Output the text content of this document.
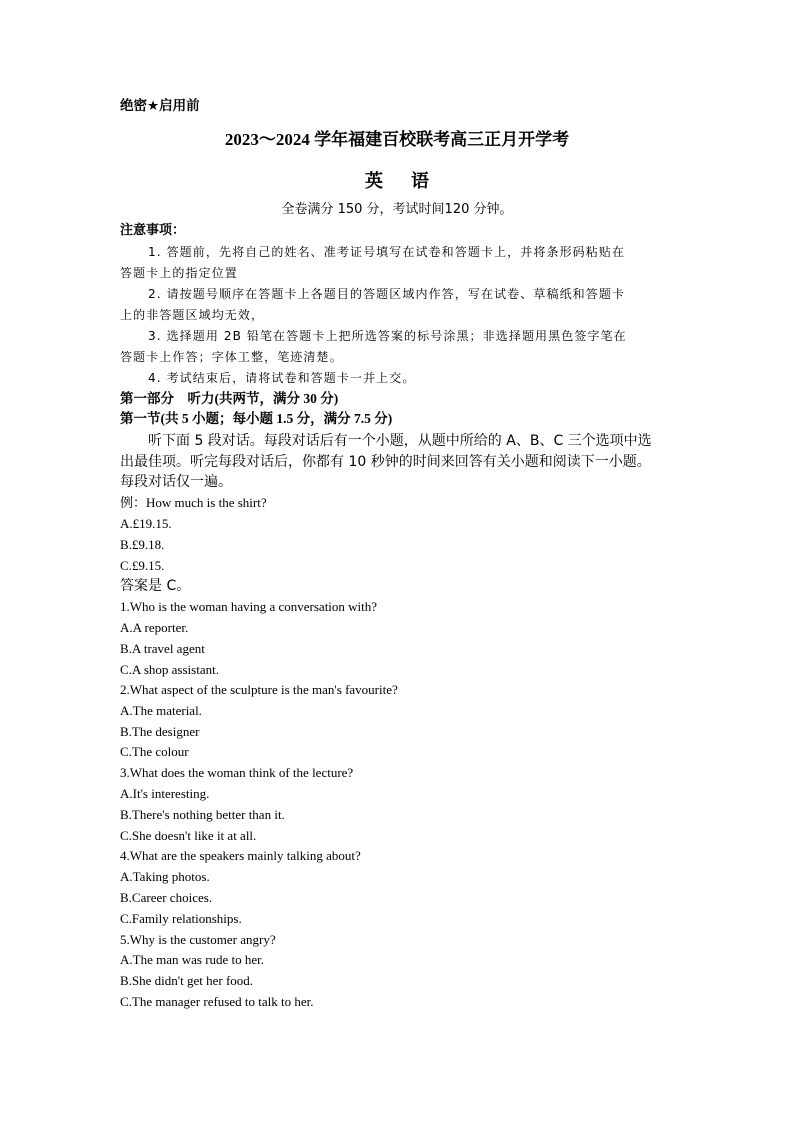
绝密★启用前
2023～2024 学年福建百校联考高三正月开学考
英语
全卷满分 150 分，考试时间120 分钟。
注意事项：
1. 答题前，先将自己的姓名、准考证号填写在试卷和答题卡上，并将条形码粘贴在
答题卡上的指定位置
2. 请按题号顺序在答题卡上各题目的答题区域内作答，写在试卷、草稿纸和答题卡
上的非答题区域均无效，
3. 选择题用 2B 铅笔在答题卡上把所选答案的标号涂黑；非选择题用黑色签字笔在
答题卡上作答；字体工整，笔迹清楚。
4. 考试结束后，请将试卷和答题卡一并上交。
第一部分　听力(共两节，满分 30 分)
第一节(共 5 小题；每小题 1.5 分，满分 7.5 分)
听下面 5 段对话。每段对话后有一个小题，从题中所给的 A、B、C 三个选项中选
出最佳项。听完每段对话后，你都有 10 秒钟的时间来回答有关小题和阅读下一小题。
每段对话仅一遍。
例：How much is the shirt?
A.£19.15.
B.£9.18.
C.£9.15.
答案是 C。
1.Who is the woman having a conversation with?
A.A reporter.
B.A travel agent
C.A shop assistant.
2.What aspect of the sculpture is the man's favourite?
A.The material.
B.The designer
C.The colour
3.What does the woman think of the lecture?
A.It's interesting.
B.There's nothing better than it.
C.She doesn't like it at all.
4.What are the speakers mainly talking about?
A.Taking photos.
B.Career choices.
C.Family relationships.
5.Why is the customer angry?
A.The man was rude to her.
B.She didn't get her food.
C.The manager refused to talk to her.
